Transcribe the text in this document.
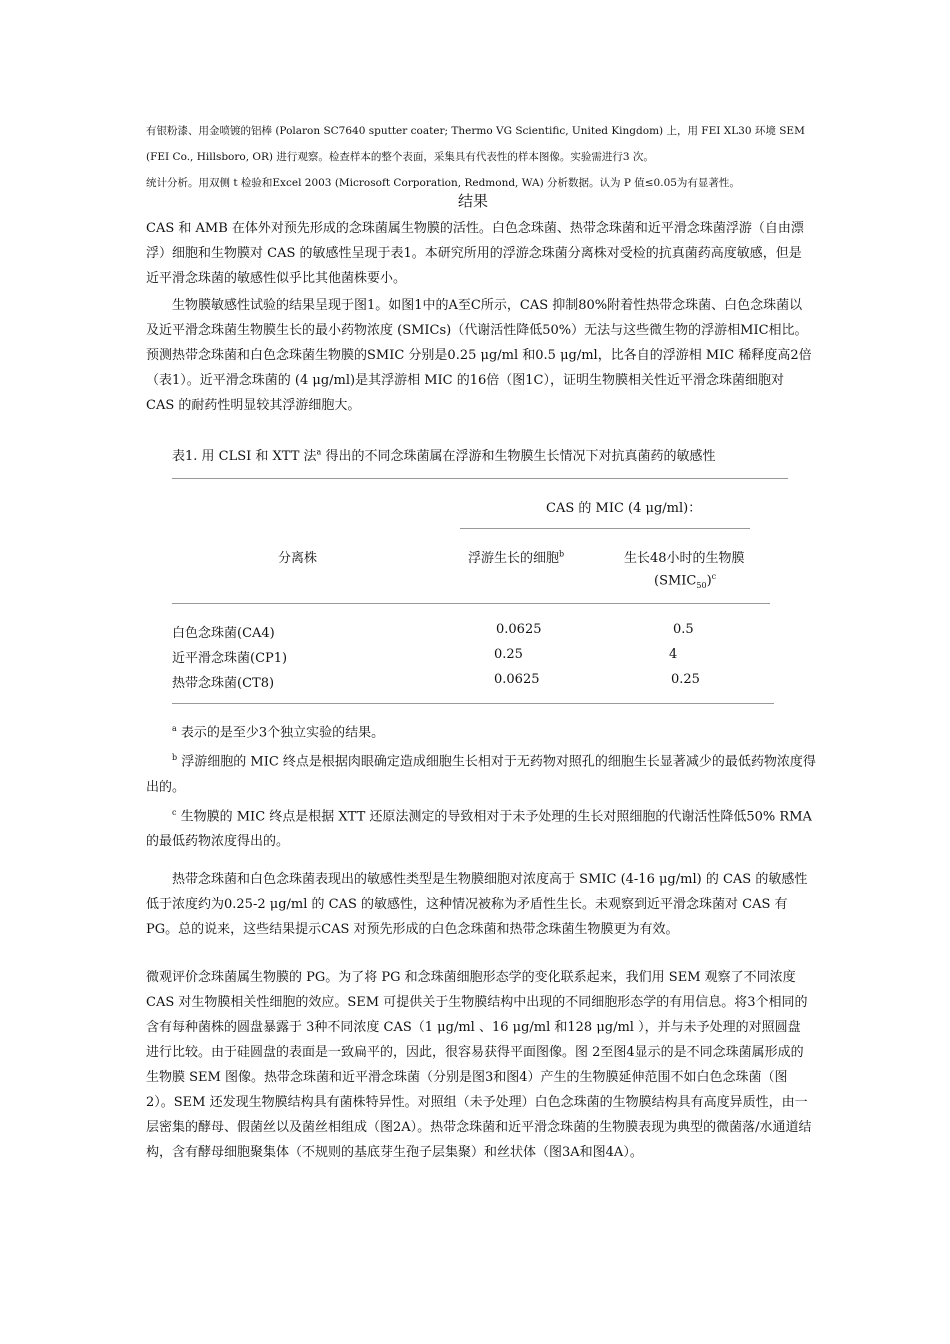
有银粉漆、用金喷镀的铝棒 (Polaron SC7640 sputter coater; Thermo VG Scientific, United Kingdom) 上，用 FEI XL30 环境 SEM
(FEI Co., Hillsboro, OR) 进行观察。检查样本的整个表面，采集具有代表性的样本图像。实验需进行3 次。
统计分析。用双侧 t 检验和Excel 2003 (Microsoft Corporation, Redmond, WA) 分析数据。认为 P 值≤0.05为有显著性。
结果

CAS 和 AMB 在体外对预先形成的念珠菌属生物膜的活性。白色念珠菌、热带念珠菌和近平滑念珠菌浮游（自由漂浮）细胞和生物膜对 CAS 的敏感性呈现于表1。本研究所用的浮游念珠菌分离株对受检的抗真菌药高度敏感，但是近平滑念珠菌的敏感性似乎比其他菌株要小。

生物膜敏感性试验的结果呈现于图1。如图1中的A至C所示，CAS 抑制80%附着性热带念珠菌、白色念珠菌以及近平滑念珠菌生物膜生长的最小药物浓度 (SMICs)（代谢活性降低50%）无法与这些微生物的浮游相MIC相比。预测热带念珠菌和白色念珠菌生物膜的SMIC 分别是0.25 μg/ml 和0.5 μg/ml，比各自的浮游相 MIC 稀释度高2倍（表1）。近平滑念珠菌的 (4 μg/ml)是其浮游相 MIC 的16倍（图1C），证明生物膜相关性近平滑念珠菌细胞对CAS 的耐药性明显较其浮游细胞大。

表1. 用 CLSI 和 XTT 法$^a$ 得出的不同念珠菌属在浮游和生物膜生长情况下对抗真菌药的敏感性
CAS 的 MIC (4 μg/ml)：
分离株	浮游生长的细胞$^b$	生长48小时的生物膜
$(SMIC_{50})^c$
白色念珠菌(CA4)	0.0625	0.5
近平滑念珠菌(CP1)	0.25	4
热带念珠菌(CT8)	0.0625	0.25

$^a$ 表示的是至少3个独立实验的结果。

$^b$ 浮游细胞的 MIC 终点是根据肉眼确定造成细胞生长相对于无药物对照孔的细胞生长显著减少的最低药物浓度得出的。

$^c$ 生物膜的 MIC 终点是根据 XTT 还原法测定的导致相对于未予处理的生长对照细胞的代谢活性降低50% RMA 的最低药物浓度得出的。

热带念珠菌和白色念珠菌表现出的敏感性类型是生物膜细胞对浓度高于 SMIC (4-16 μg/ml) 的 CAS 的敏感性低于浓度约为0.25-2 μg/ml 的 CAS 的敏感性，这种情况被称为矛盾性生长。未观察到近平滑念珠菌对 CAS 有 PG。总的说来，这些结果提示CAS 对预先形成的白色念珠菌和热带念珠菌生物膜更为有效。

微观评价念珠菌属生物膜的 PG。为了将 PG 和念珠菌细胞形态学的变化联系起来，我们用 SEM 观察了不同浓度 CAS 对生物膜相关性细胞的效应。SEM 可提供关于生物膜结构中出现的不同细胞形态学的有用信息。将3个相同的含有每种菌株的圆盘暴露于 3种不同浓度 CAS（1 μg/ml 、16 μg/ml 和128 μg/ml ），并与未予处理的对照圆盘进行比较。由于硅圆盘的表面是一致扁平的，因此，很容易获得平面图像。图 2至图4显示的是不同念珠菌属形成的生物膜 SEM 图像。热带念珠菌和近平滑念珠菌（分别是图3和图4）产生的生物膜延伸范围不如白色念珠菌（图2）。SEM 还发现生物膜结构具有菌株特异性。对照组（未予处理）白色念珠菌的生物膜结构具有高度异质性，由一层密集的酵母、假菌丝以及菌丝相组成（图2A）。热带念珠菌和近平滑念珠菌的生物膜表现为典型的微菌落/水通道结构，含有酵母细胞聚集体（不规则的基底芽生孢子层集聚）和丝状体（图3A和图4A）。
